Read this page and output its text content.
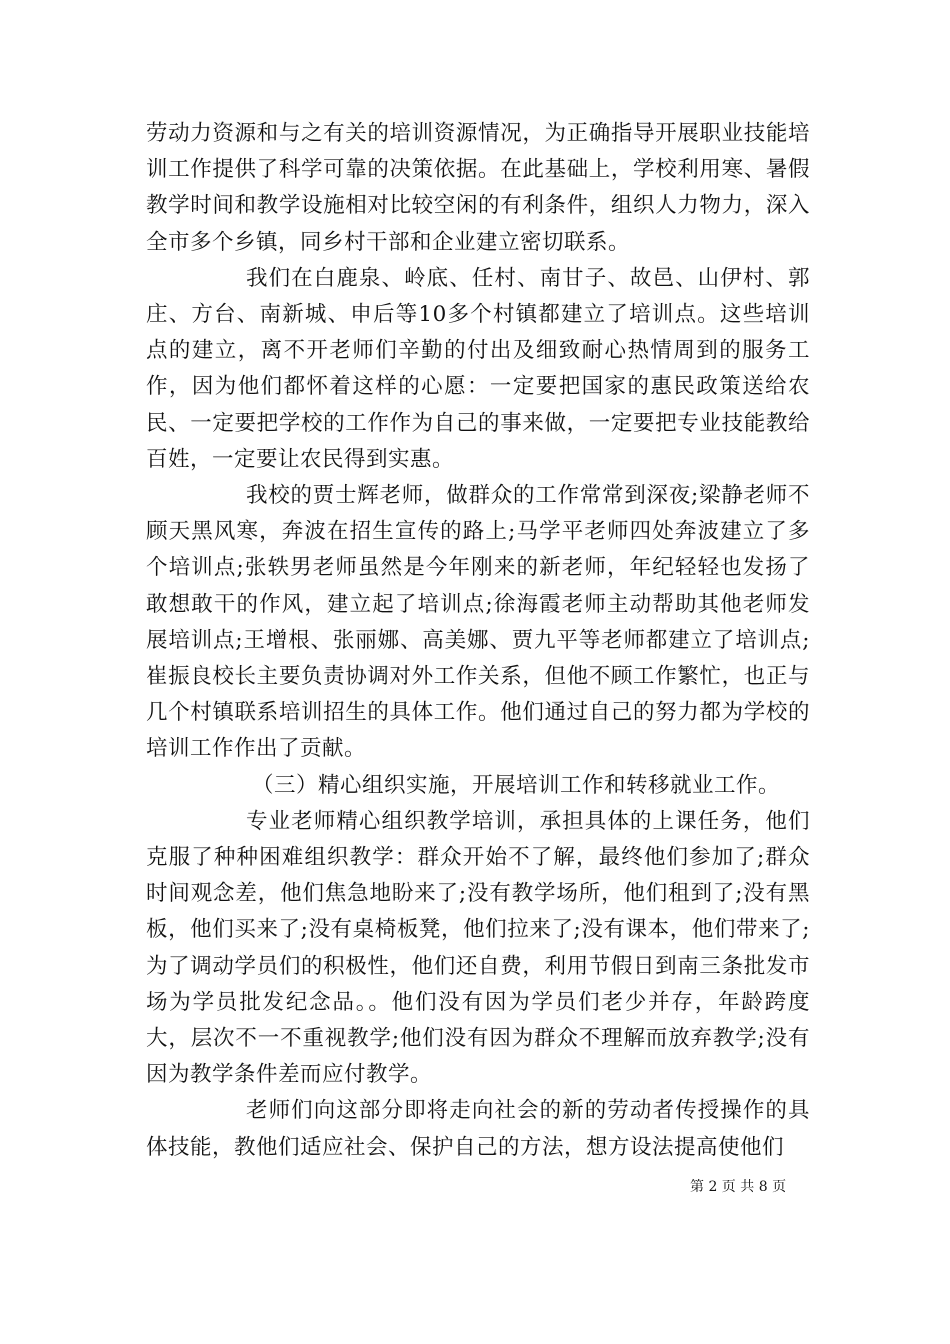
劳动力资源和与之有关的培训资源情况，为正确指导开展职业技能培训工作提供了科学可靠的决策依据。在此基础上，学校利用寒、暑假教学时间和教学设施相对比较空闲的有利条件，组织人力物力，深入全市多个乡镇，同乡村干部和企业建立密切联系。

我们在白鹿泉、岭底、任村、南甘子、故邑、山伊村、郭庄、方台、南新城、申后等10多个村镇都建立了培训点。这些培训点的建立，离不开老师们辛勤的付出及细致耐心热情周到的服务工作，因为他们都怀着这样的心愿：一定要把国家的惠民政策送给农民、一定要把学校的工作作为自己的事来做，一定要把专业技能教给百姓，一定要让农民得到实惠。

我校的贾士辉老师，做群众的工作常常到深夜;梁静老师不顾天黑风寒，奔波在招生宣传的路上;马学平老师四处奔波建立了多个培训点;张轶男老师虽然是今年刚来的新老师，年纪轻轻也发扬了敢想敢干的作风，建立起了培训点;徐海霞老师主动帮助其他老师发展培训点;王增根、张丽娜、高美娜、贾九平等老师都建立了培训点;崔振良校长主要负责协调对外工作关系，但他不顾工作繁忙，也正与几个村镇联系培训招生的具体工作。他们通过自己的努力都为学校的培训工作作出了贡献。

（三）精心组织实施，开展培训工作和转移就业工作。

专业老师精心组织教学培训，承担具体的上课任务，他们克服了种种困难组织教学：群众开始不了解，最终他们参加了;群众时间观念差，他们焦急地盼来了;没有教学场所，他们租到了;没有黑板，他们买来了;没有桌椅板凳，他们拉来了;没有课本，他们带来了;为了调动学员们的积极性，他们还自费，利用节假日到南三条批发市场为学员批发纪念品。。他们没有因为学员们老少并存，年龄跨度大，层次不一不重视教学;他们没有因为群众不理解而放弃教学;没有因为教学条件差而应付教学。

老师们向这部分即将走向社会的新的劳动者传授操作的具体技能，教他们适应社会、保护自己的方法，想方设法提高使他们

第 2 页 共 8 页
